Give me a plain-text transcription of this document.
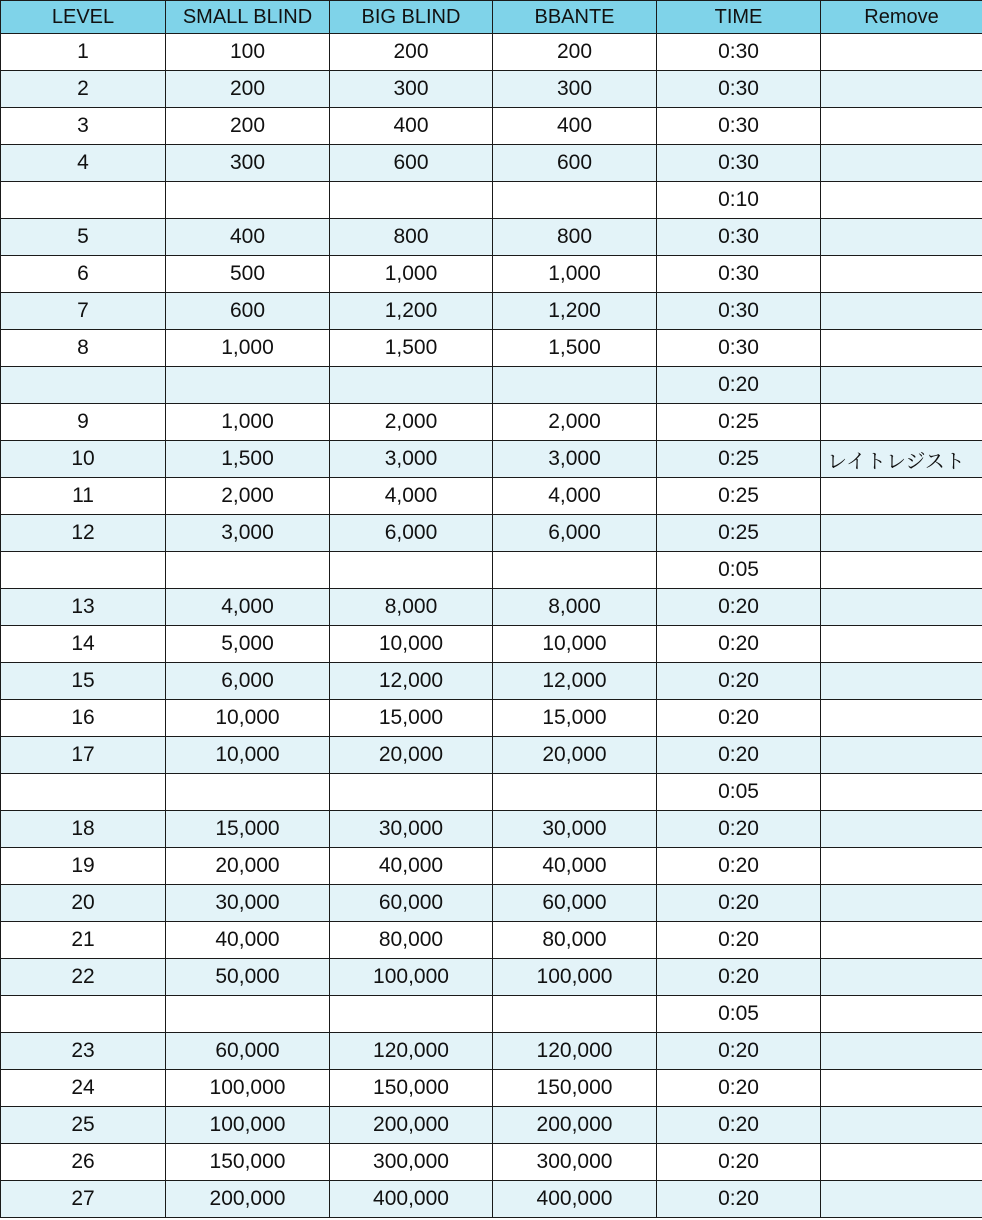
LEVEL	SMALL BLIND	BIG BLIND	BBANTE	TIME	Remove
1	100	200	200	0:30	
2	200	300	300	0:30	
3	200	400	400	0:30	
4	300	600	600	0:30	
				0:10	
5	400	800	800	0:30	
6	500	1,000	1,000	0:30	
7	600	1,200	1,200	0:30	
8	1,000	1,500	1,500	0:30	
				0:20	
9	1,000	2,000	2,000	0:25	
10	1,500	3,000	3,000	0:25	レイトレジスト
11	2,000	4,000	4,000	0:25	
12	3,000	6,000	6,000	0:25	
				0:05	
13	4,000	8,000	8,000	0:20	
14	5,000	10,000	10,000	0:20	
15	6,000	12,000	12,000	0:20	
16	10,000	15,000	15,000	0:20	
17	10,000	20,000	20,000	0:20	
				0:05	
18	15,000	30,000	30,000	0:20	
19	20,000	40,000	40,000	0:20	
20	30,000	60,000	60,000	0:20	
21	40,000	80,000	80,000	0:20	
22	50,000	100,000	100,000	0:20	
				0:05	
23	60,000	120,000	120,000	0:20	
24	100,000	150,000	150,000	0:20	
25	100,000	200,000	200,000	0:20	
26	150,000	300,000	300,000	0:20	
27	200,000	400,000	400,000	0:20	
